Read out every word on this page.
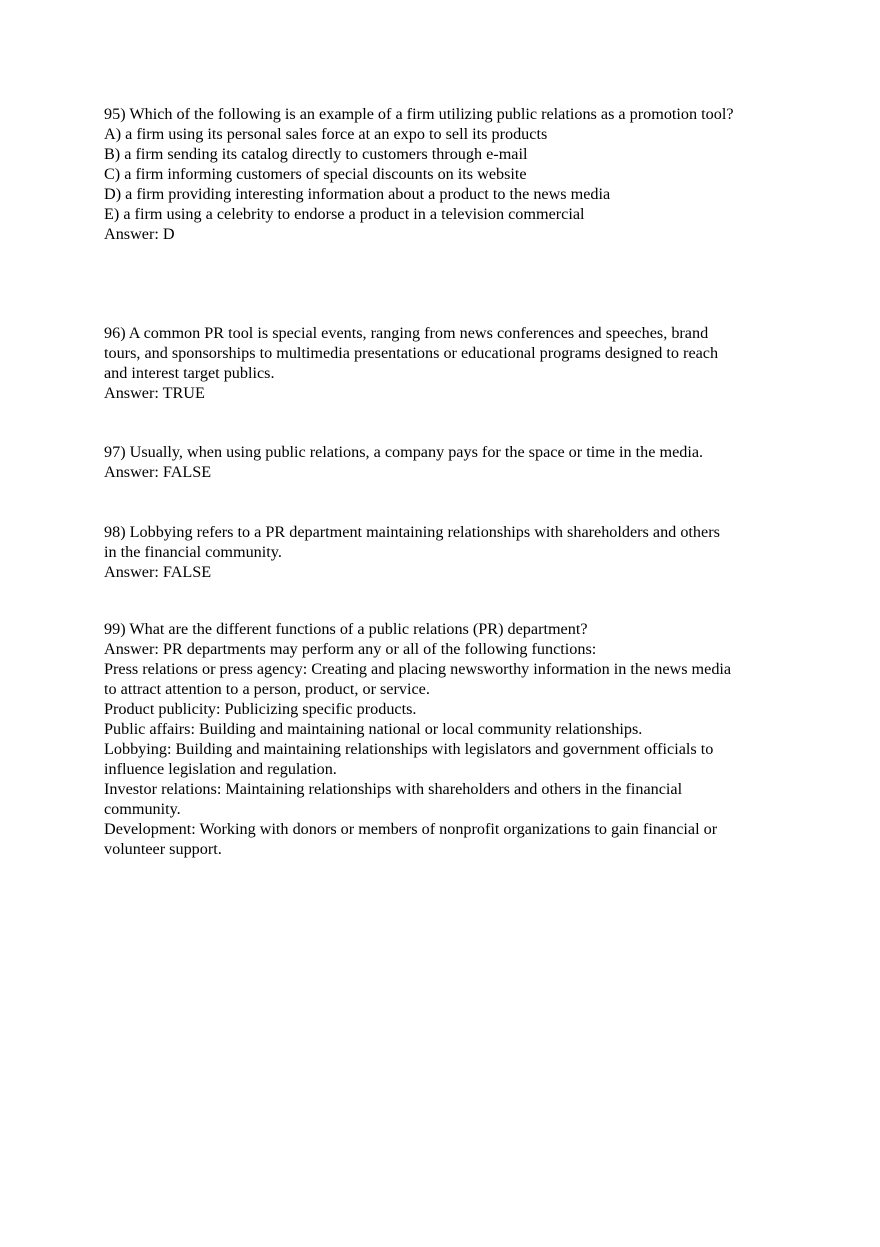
95) Which of the following is an example of a firm utilizing public relations as a promotion tool?
A) a firm using its personal sales force at an expo to sell its products
B) a firm sending its catalog directly to customers through e-mail
C) a firm informing customers of special discounts on its website
D) a firm providing interesting information about a product to the news media
E) a firm using a celebrity to endorse a product in a television commercial
Answer: D
96) A common PR tool is special events, ranging from news conferences and speeches, brand
tours, and sponsorships to multimedia presentations or educational programs designed to reach
and interest target publics.
Answer: TRUE
97) Usually, when using public relations, a company pays for the space or time in the media.
Answer: FALSE
98) Lobbying refers to a PR department maintaining relationships with shareholders and others
in the financial community.
Answer: FALSE
99) What are the different functions of a public relations (PR) department?
Answer: PR departments may perform any or all of the following functions:
Press relations or press agency: Creating and placing newsworthy information in the news media
to attract attention to a person, product, or service.
Product publicity: Publicizing specific products.
Public affairs: Building and maintaining national or local community relationships.
Lobbying: Building and maintaining relationships with legislators and government officials to
influence legislation and regulation.
Investor relations: Maintaining relationships with shareholders and others in the financial
community.
Development: Working with donors or members of nonprofit organizations to gain financial or
volunteer support.
